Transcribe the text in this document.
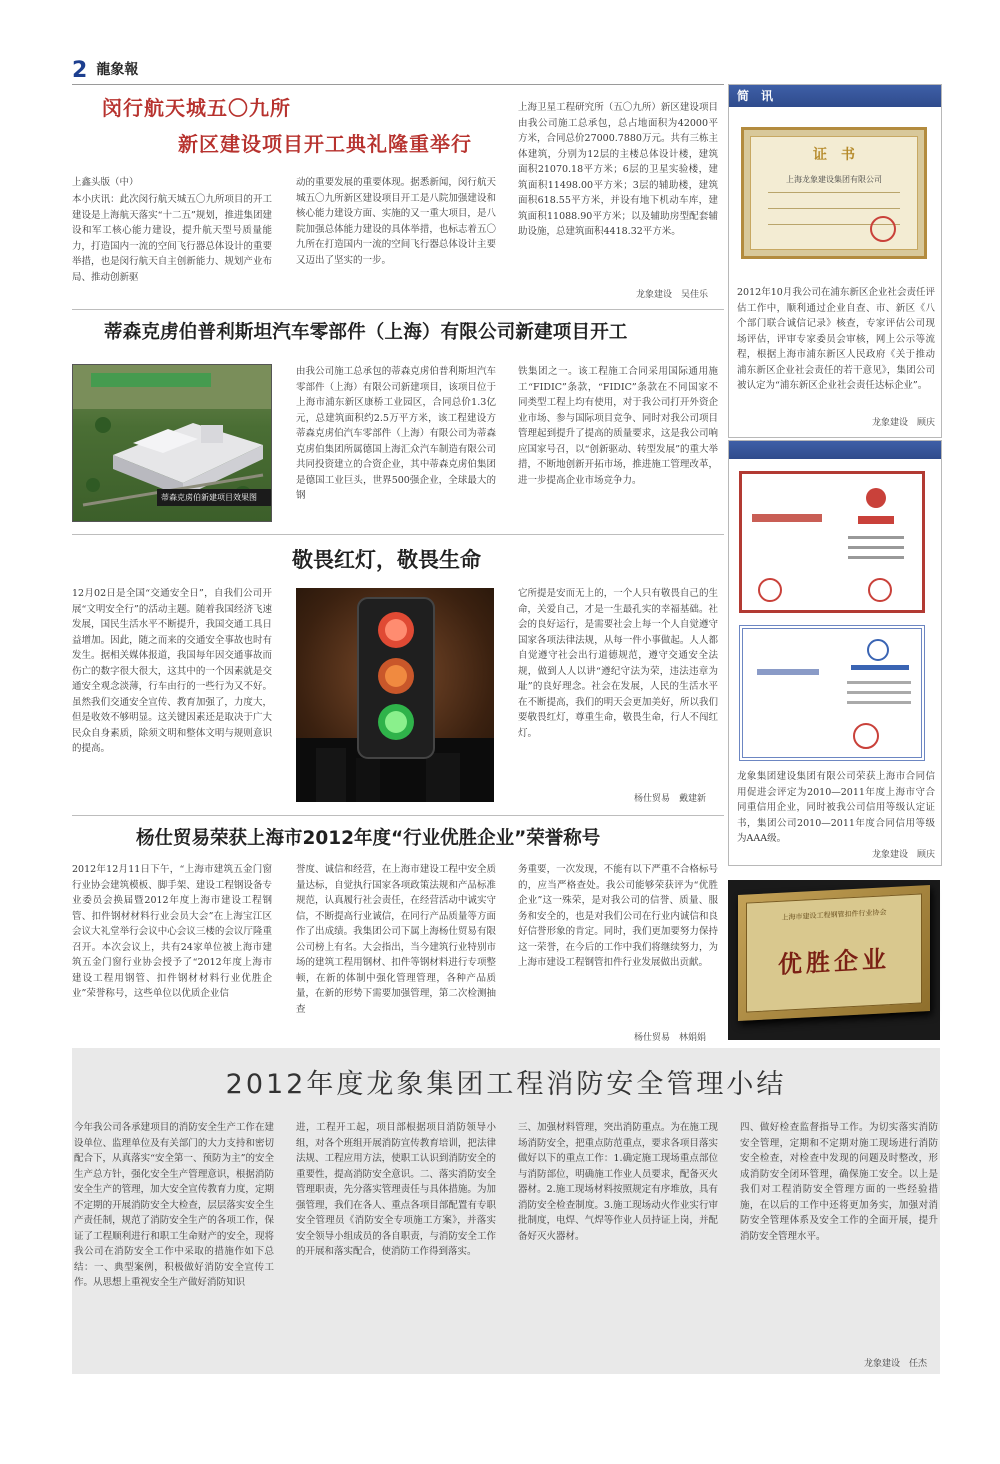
2 龍象報
闵行航天城五〇九所
新区建设项目开工典礼隆重举行
上鑫头版（中）
本小庆讯：此次闵行航天城五〇九所项目的开工建设是上海航天落实“十二五”规划，推进集团建设和军工核心能力建设，提升航天型号质量能力，打造国内一流的空间飞行器总体设计的重要举措，也是闵行航天自主创新能力、规划产业布局、推动创新驱
动的重要发展的重要体现。据悉新闻，闵行航天城五〇九所新区建设项目开工是八院加强建设和核心能力建设方面、实施的又一重大项目，是八院加强总体能力建设的具体举措，也标志着五〇九所在打造国内一流的空间飞行器总体设计主要又迈出了坚实的一步。
上海卫星工程研究所（五〇九所）新区建设项目由我公司施工总承包，总占地面积为42000平方米，合同总价27000.7880万元。共有三栋主体建筑，分别为12层的主楼总体设计楼，建筑面积21070.18平方米；6层的卫星实验楼，建筑面积11498.00平方米；3层的辅助楼，建筑面积618.55平方米，并设有地下机动车库，建筑面积11088.90平方米；以及辅助房型配套辅助设施，总建筑面积4418.32平方米。
龙象建设　吴佳乐
蒂森克虏伯普利斯坦汽车零部件（上海）有限公司新建项目开工
蒂森克虏伯新建项目效果图
由我公司施工总承包的蒂森克虏伯普利斯坦汽车零部件（上海）有限公司新建项目，该项目位于上海市浦东新区康桥工业园区，合同总价1.3亿元，总建筑面积约2.5万平方米，该工程建设方蒂森克虏伯汽车零部件（上海）有限公司为蒂森克虏伯集团所属德国上海汇众汽车制造有限公司共同投资建立的合资企业，其中蒂森克虏伯集团是德国工业巨头，世界500强企业，全球最大的钢
铁集团之一。该工程施工合同采用国际通用施工“FIDIC”条款，“FIDIC”条款在不同国家不同类型工程上均有使用，对于我公司打开外资企业市场、参与国际项目竞争、同时对我公司项目管理起到提升了提高的质量要求，这是我公司响应国家号召，以“创新驱动、转型发展”的重大举措，不断地创新开拓市场，推进施工管理改革，进一步提高企业市场竞争力。
敬畏红灯，敬畏生命
12月02日是全国“交通安全日”，自我们公司开展“文明安全行”的活动主题。随着我国经济飞速发展，国民生活水平不断提升，我国交通工具日益增加。因此，随之而来的交通安全事故也时有发生。据相关媒体报道，我国每年因交通事故而伤亡的数字很大很大，这其中的一个因素就是交通安全观念淡薄，行车由行的一些行为又不好。虽然我们交通安全宣传、教育加强了，力度大，但是收效不够明显。这关键因素还是取决于广大民众自身素质，除须文明和整体文明与规则意识的提高。
它所提是安而无上的，一个人只有敬畏自己的生命，关爱自己，才是一生最孔实的幸福基础。社会的良好运行，是需要社会上每一个人自觉遵守国家各项法律法规，从每一件小事做起。人人都自觉遵守社会出行道德规范，遵守交通安全法规，做到人人以讲“遵纪守法为荣，违法违章为耻”的良好理念。社会在发展，人民的生活水平在不断提高，我们的明天会更加美好，所以我们要敬畏红灯，尊重生命，敬畏生命，行人不闯红灯。
杨仕贸易　戴建新
杨仕贸易荣获上海市2012年度“行业优胜企业”荣誉称号
2012年12月11日下午，“上海市建筑五金门窗行业协会建筑模板、脚手架、建设工程钢设备专业委员会换届暨2012年度上海市建设工程钢管、扣件钢材材料行业会员大会”在上海宝江区会议大礼堂举行会议中心会议三楼的会议厅隆重召开。本次会议上，共有24家单位被上海市建筑五金门窗行业协会授予了“2012年度上海市建设工程用钢管、扣件钢材材料行业优胜企业”荣誉称号，这些单位以优质企业信
誉度、诚信和经营，在上海市建设工程中安全质量达标，自觉执行国家各项政策法规和产品标准规范，认真履行社会责任，在经营活动中诚实守信，不断提高行业诚信，在同行产品质量等方面作了出成绩。我集团公司下属上海杨仕贸易有限公司榜上有名。大会指出，当今建筑行业特别市场的建筑工程用钢材、扣件等钢材料进行专项整顿，在新的体制中强化管理管理，各种产品质量，在新的形势下需要加强管理，第二次检测抽查
务重要，一次发现，不能有以下严重不合格标号的，应当严格查处。我公司能够荣获评为“优胜企业”这一殊荣，是对我公司的信誉、质量、服务和安全的，也是对我们公司在行业内诚信和良好信誉形象的肯定。同时，我们更加要努力保持这一荣誉，在今后的工作中我们将继续努力，为上海市建设工程钢管扣件行业发展做出贡献。
杨仕贸易　林娟娟
简　讯
证　书
上海龙象建设集团有限公司
2012年10月我公司在浦东新区企业社会责任评估工作中，顺利通过企业自查、市、新区《八个部门联合诚信记录》核查，专家评估公司现场评估，评审专家委员会审核，网上公示等流程，根据上海市浦东新区人民政府《关于推动浦东新区企业社会责任的若干意见》，集团公司被认定为“浦东新区企业社会责任达标企业”。
龙象建设　顾庆
龙象集团建设集团有限公司荣获上海市合同信用促进会评定为2010—2011年度上海市守合同重信用企业，同时被我公司信用等级认定证书，集团公司2010—2011年度合同信用等级为AAA级。
龙象建设　顾庆
上海市建设工程钢管扣件行业协会
优胜企业
2012年度龙象集团工程消防安全管理小结
今年我公司各承建项目的消防安全生产工作在建设单位、监理单位及有关部门的大力支持和密切配合下，从真落实“安全第一、预防为主”的安全生产总方针，强化安全生产管理意识，根据消防安全生产的管理，加大安全宣传教育力度，定期不定期的开展消防安全大检查，层层落实安全生产责任制，规范了消防安全生产的各项工作，保证了工程顺利进行和职工生命财产的安全，现将我公司在消防安全工作中采取的措施作如下总结：一、典型案例，积极做好消防安全宣传工作。从思想上重视安全生产做好消防知识
进，工程开工起，项目部根据项目消防领导小组，对各个班组开展消防宣传教育培训，把法律法规、工程应用方法，使职工认识到消防安全的重要性，提高消防安全意识。二、落实消防安全管理职责，先分落实管理责任与具体措施。为加强管理，我们在各人、重点各项目部配置有专职安全管理员《消防安全专项施工方案》，并落实安全领导小组成员的各自职责，与消防安全工作的开展和落实配合，使消防工作得到落实。
三、加强材料管理，突出消防重点。为在施工现场消防安全，把重点防范重点，要求各项目落实做好以下的重点工作：1.确定施工现场重点部位与消防部位，明确施工作业人员要求，配备灭火器材。2.施工现场材料按照规定有序堆放，具有消防安全检查制度。3.施工现场动火作业实行审批制度，电焊、气焊等作业人员持证上岗，并配备好灭火器材。
四、做好检查监督指导工作。为切实落实消防安全管理，定期和不定期对施工现场进行消防安全检查，对检查中发现的问题及时整改，形成消防安全闭环管理，确保施工安全。以上是我们对工程消防安全管理方面的一些经验措施，在以后的工作中还将更加务实，加强对消防安全管理体系及安全工作的全面开展，提升消防安全管理水平。
龙象建设　任杰
